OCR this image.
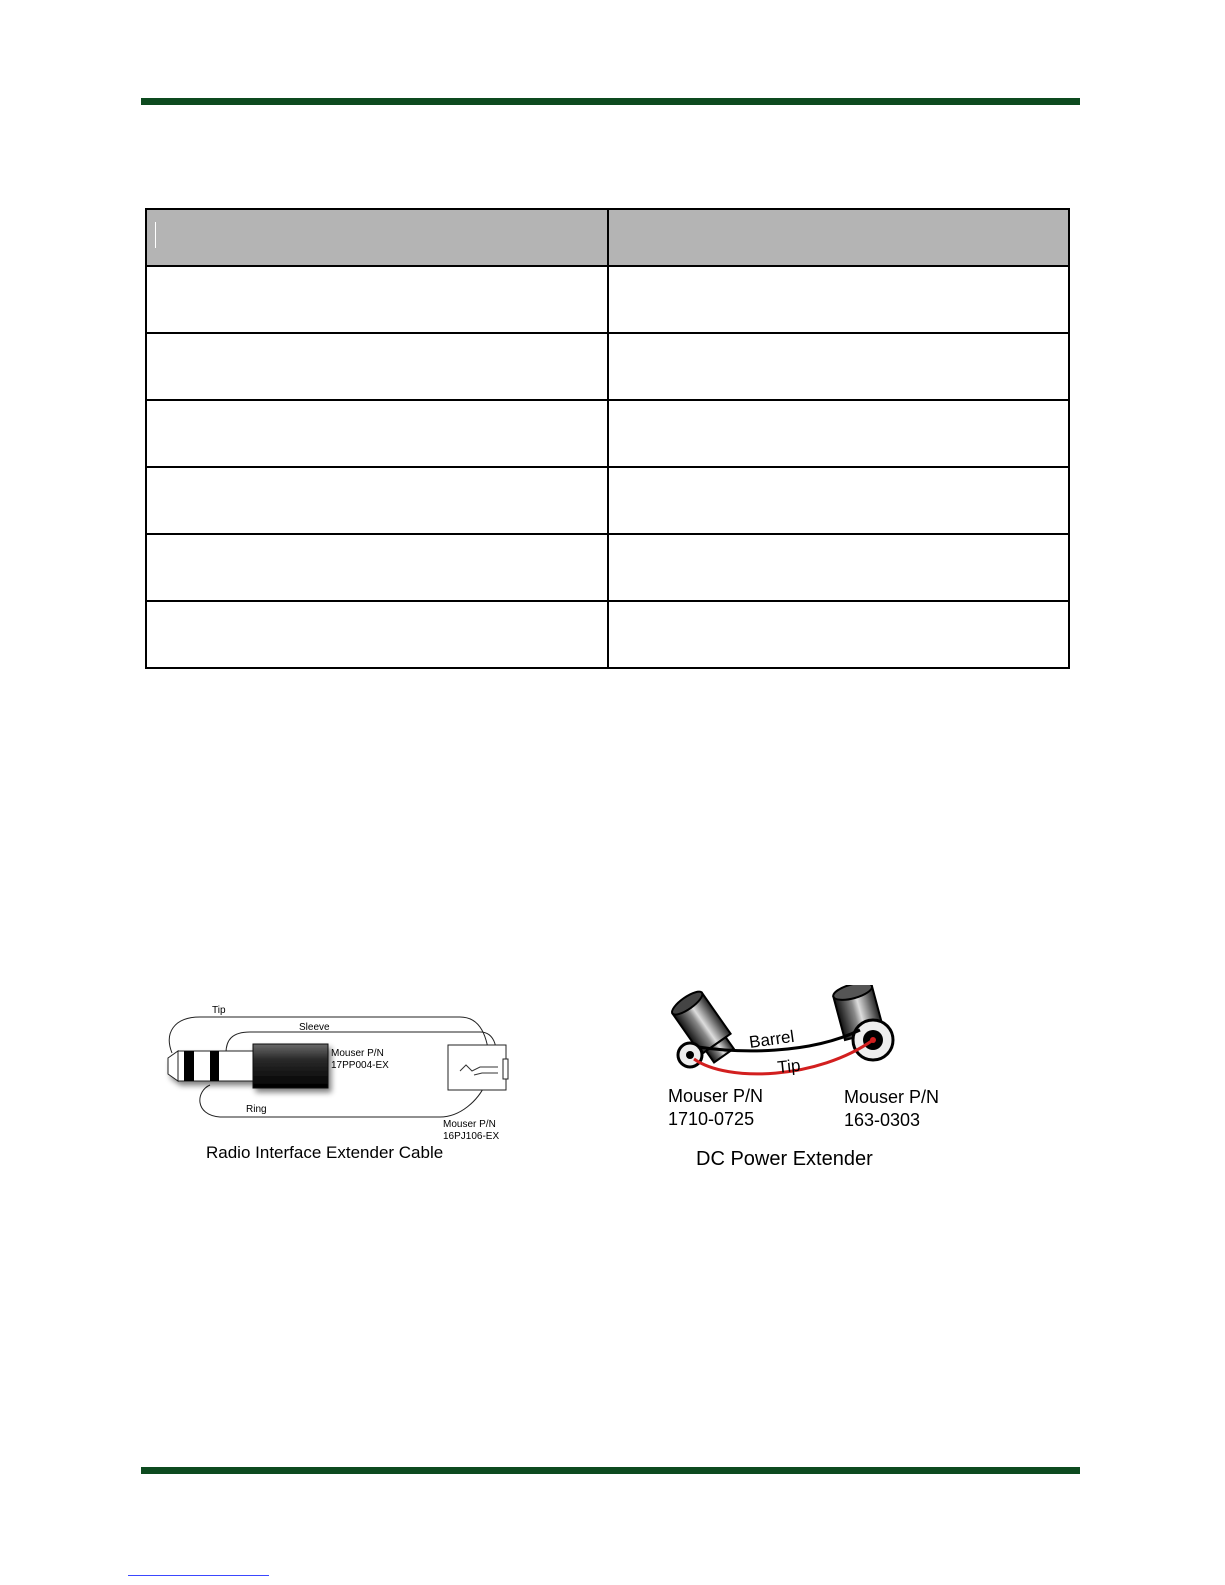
Tip
Sleeve
Ring
Mouser P/N
17PP004-EX
Mouser P/N
16PJ106-EX
Radio Interface Extender Cable
Barrel
Tip
Mouser P/N
1710-0725
Mouser P/N
163-0303
DC Power Extender
